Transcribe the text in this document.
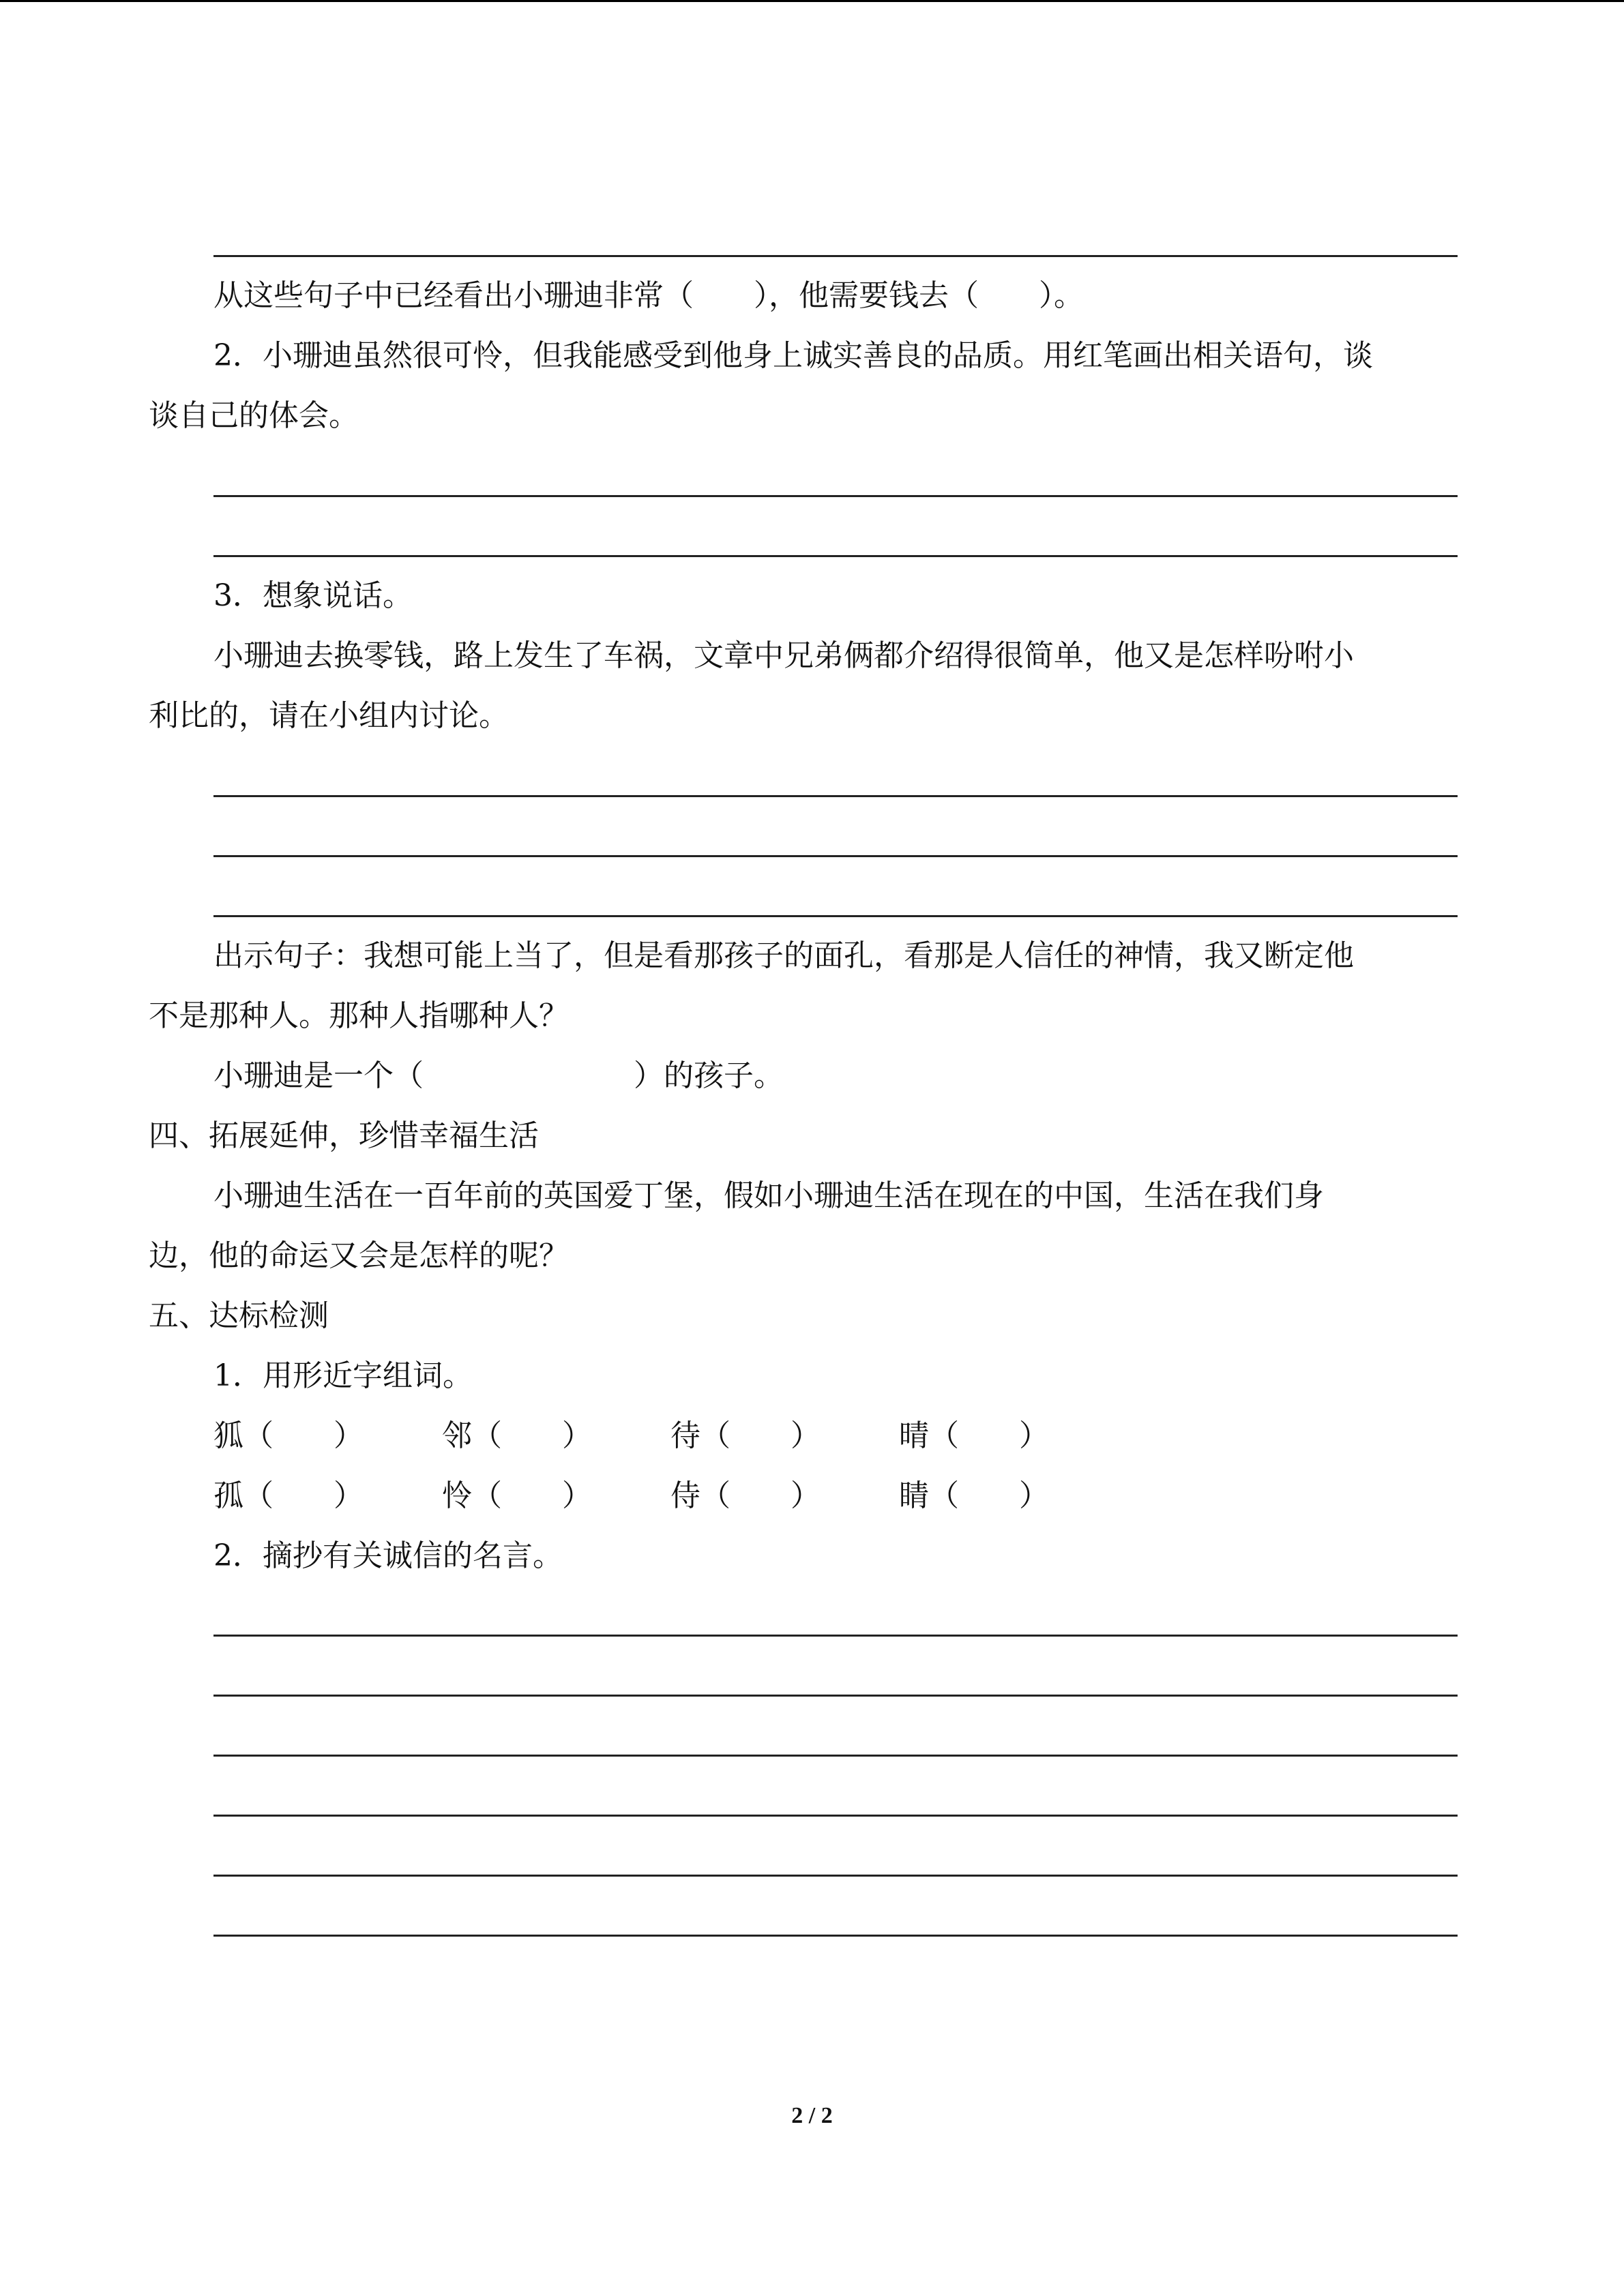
从这些句子中已经看出小珊迪非常（　　），他需要钱去（　　）。
2．小珊迪虽然很可怜，但我能感受到他身上诚实善良的品质。用红笔画出相关语句，谈
谈自己的体会。
3．想象说话。
小珊迪去换零钱，路上发生了车祸，文章中兄弟俩都介绍得很简单，他又是怎样吩咐小
利比的，请在小组内讨论。
出示句子：我想可能上当了，但是看那孩子的面孔，看那是人信任的神情，我又断定他
不是那种人。那种人指哪种人？
小珊迪是一个（　　　　　　　）的孩子。
四、拓展延伸，珍惜幸福生活
小珊迪生活在一百年前的英国爱丁堡，假如小珊迪生活在现在的中国，生活在我们身
边，他的命运又会是怎样的呢？
五、达标检测
1．用形近字组词。
狐（　　）	邻（　　）	待（　　）	晴（　　）
孤（　　）	怜（　　）	侍（　　）	睛（　　）
2．摘抄有关诚信的名言。
2 / 2
